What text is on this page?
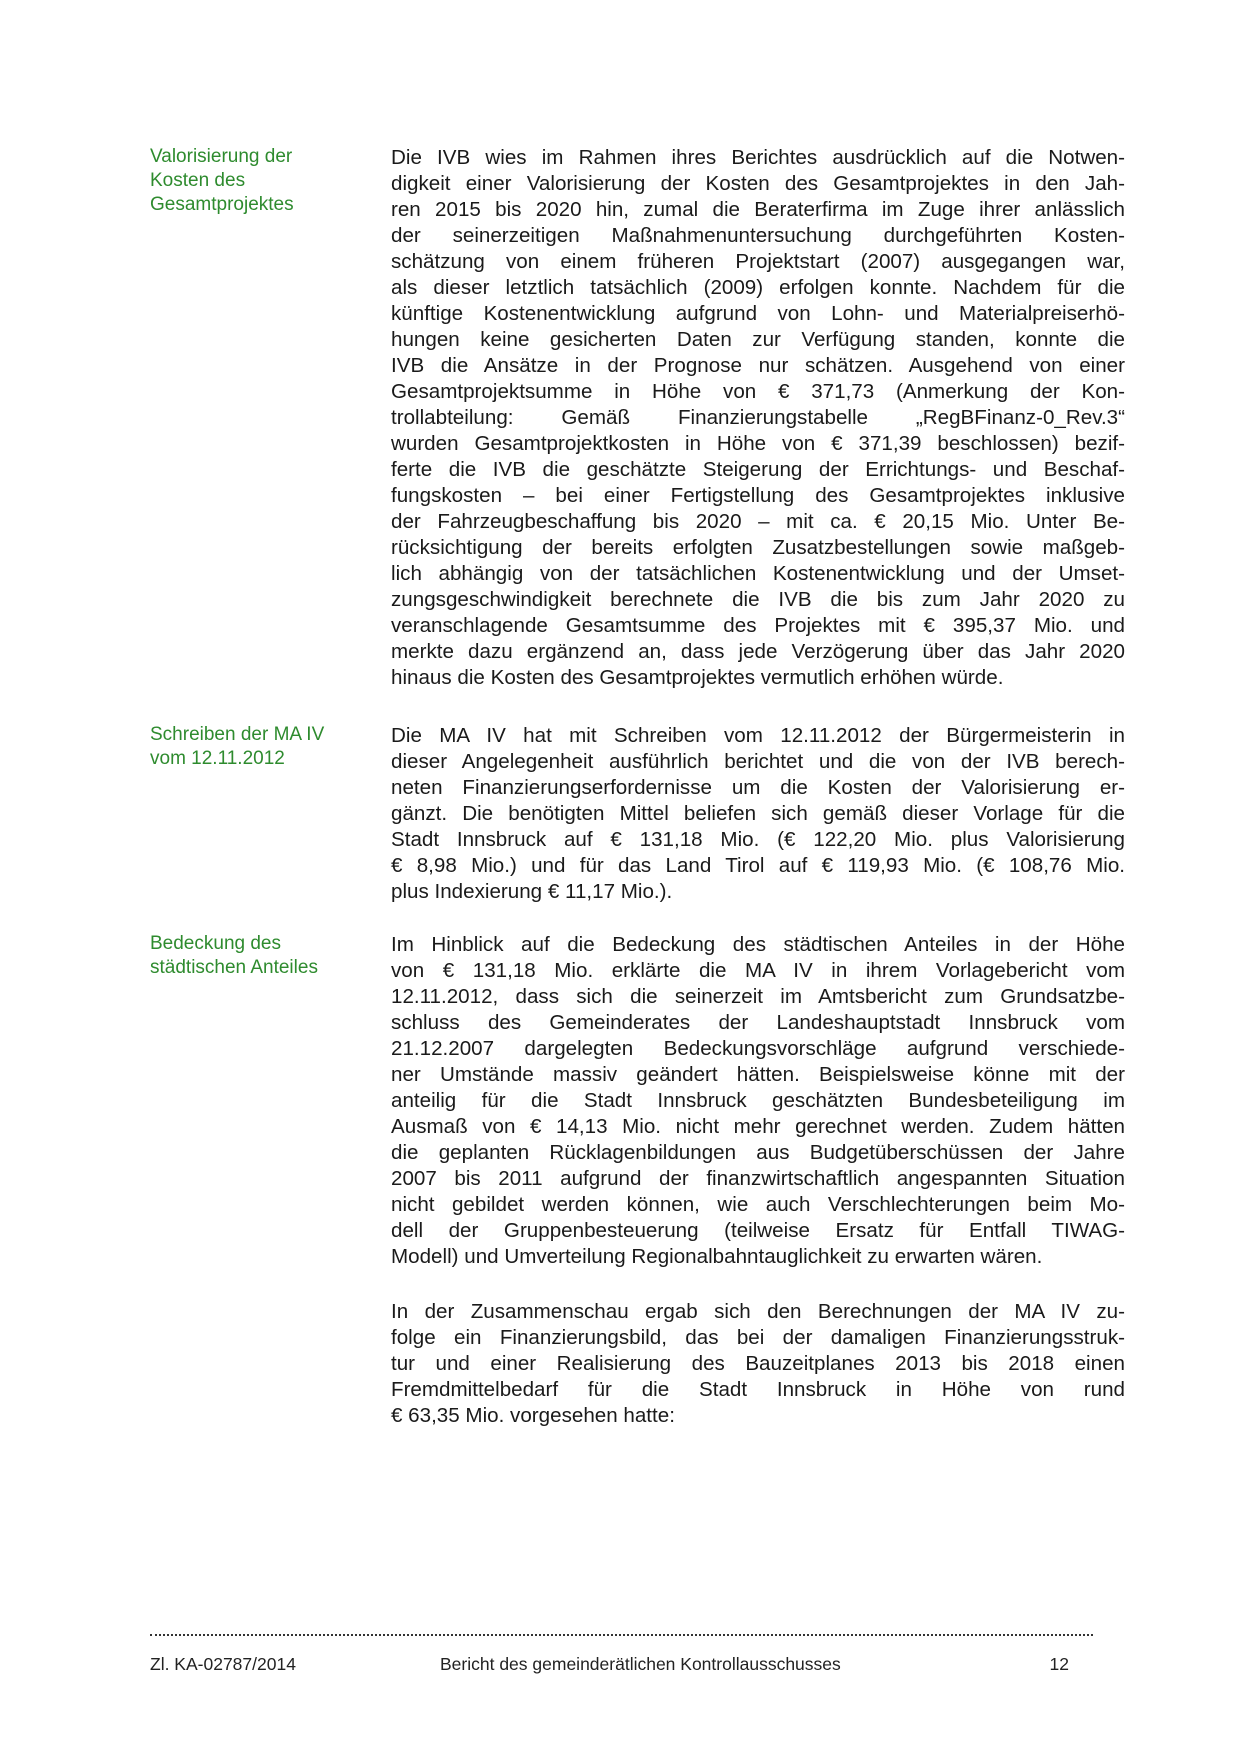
Valorisierung der
Kosten des
Gesamtprojektes
Die IVB wies im Rahmen ihres Berichtes ausdrücklich auf die Notwen-
digkeit einer Valorisierung der Kosten des Gesamtprojektes in den Jah-
ren 2015 bis 2020 hin, zumal die Beraterfirma im Zuge ihrer anlässlich
der seinerzeitigen Maßnahmenuntersuchung durchgeführten Kosten-
schätzung von einem früheren Projektstart (2007) ausgegangen war,
als dieser letztlich tatsächlich (2009) erfolgen konnte. Nachdem für die
künftige Kostenentwicklung aufgrund von Lohn- und Materialpreiserhö-
hungen keine gesicherten Daten zur Verfügung standen, konnte die
IVB die Ansätze in der Prognose nur schätzen. Ausgehend von einer
Gesamtprojektsumme in Höhe von € 371,73 (Anmerkung der Kon-
trollabteilung: Gemäß Finanzierungstabelle „RegBFinanz-0_Rev.3“
wurden Gesamtprojektkosten in Höhe von € 371,39 beschlossen) bezif-
ferte die IVB die geschätzte Steigerung der Errichtungs- und Beschaf-
fungskosten – bei einer Fertigstellung des Gesamtprojektes inklusive
der Fahrzeugbeschaffung bis 2020 – mit ca. € 20,15 Mio. Unter Be-
rücksichtigung der bereits erfolgten Zusatzbestellungen sowie maßgeb-
lich abhängig von der tatsächlichen Kostenentwicklung und der Umset-
zungsgeschwindigkeit berechnete die IVB die bis zum Jahr 2020 zu
veranschlagende Gesamtsumme des Projektes mit € 395,37 Mio. und
merkte dazu ergänzend an, dass jede Verzögerung über das Jahr 2020
hinaus die Kosten des Gesamtprojektes vermutlich erhöhen würde.
Schreiben der MA IV
vom 12.11.2012
Die MA IV hat mit Schreiben vom 12.11.2012 der Bürgermeisterin in
dieser Angelegenheit ausführlich berichtet und die von der IVB berech-
neten Finanzierungserfordernisse um die Kosten der Valorisierung er-
gänzt. Die benötigten Mittel beliefen sich gemäß dieser Vorlage für die
Stadt Innsbruck auf € 131,18 Mio. (€ 122,20 Mio. plus Valorisierung
€ 8,98 Mio.) und für das Land Tirol auf € 119,93 Mio. (€ 108,76 Mio.
plus Indexierung € 11,17 Mio.).
Bedeckung des
städtischen Anteiles
Im Hinblick auf die Bedeckung des städtischen Anteiles in der Höhe
von € 131,18 Mio. erklärte die MA IV in ihrem Vorlagebericht vom
12.11.2012, dass sich die seinerzeit im Amtsbericht zum Grundsatzbe-
schluss des Gemeinderates der Landeshauptstadt Innsbruck vom
21.12.2007 dargelegten Bedeckungsvorschläge aufgrund verschiede-
ner Umstände massiv geändert hätten. Beispielsweise könne mit der
anteilig für die Stadt Innsbruck geschätzten Bundesbeteiligung im
Ausmaß von € 14,13 Mio. nicht mehr gerechnet werden. Zudem hätten
die geplanten Rücklagenbildungen aus Budgetüberschüssen der Jahre
2007 bis 2011 aufgrund der finanzwirtschaftlich angespannten Situation
nicht gebildet werden können, wie auch Verschlechterungen beim Mo-
dell der Gruppenbesteuerung (teilweise Ersatz für Entfall TIWAG-
Modell) und Umverteilung Regionalbahntauglichkeit zu erwarten wären.
In der Zusammenschau ergab sich den Berechnungen der MA IV zu-
folge ein Finanzierungsbild, das bei der damaligen Finanzierungsstruk-
tur und einer Realisierung des Bauzeitplanes 2013 bis 2018 einen
Fremdmittelbedarf für die Stadt Innsbruck in Höhe von rund
€ 63,35 Mio. vorgesehen hatte:
Zl. KA-02787/2014	Bericht des gemeinderätlichen Kontrollausschusses	12
